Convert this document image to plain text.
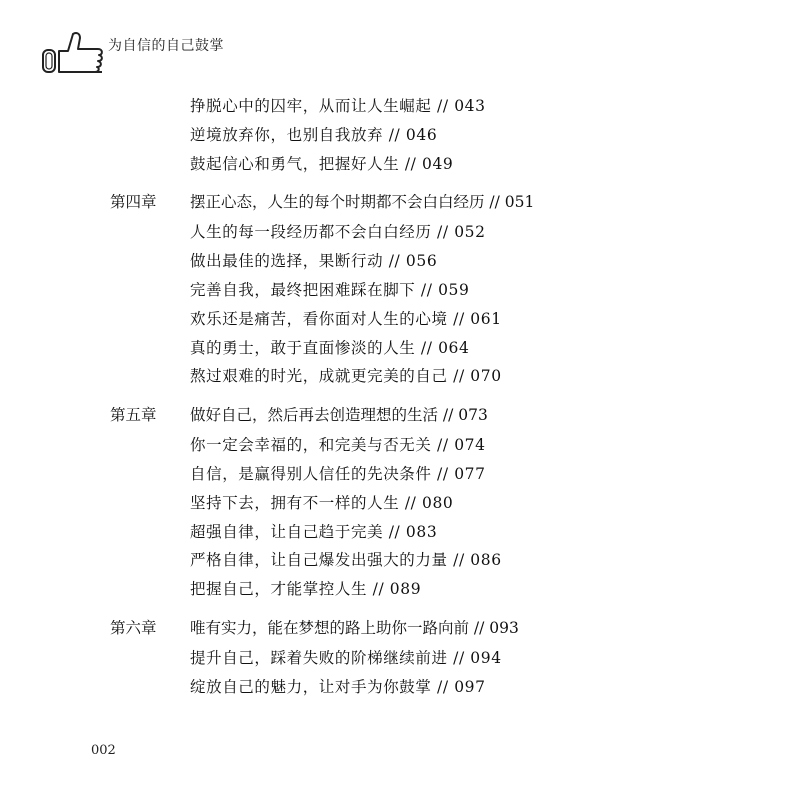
为自信的自己鼓掌
挣脱心中的囚牢，从而让人生崛起 // 043
逆境放弃你，也别自我放弃 // 046
鼓起信心和勇气，把握好人生 // 049
第四章 摆正心态，人生的每个时期都不会白白经历 // 051
人生的每一段经历都不会白白经历 // 052
做出最佳的选择，果断行动 // 056
完善自我，最终把困难踩在脚下 // 059
欢乐还是痛苦，看你面对人生的心境 // 061
真的勇士，敢于直面惨淡的人生 // 064
熬过艰难的时光，成就更完美的自己 // 070
第五章 做好自己，然后再去创造理想的生活 // 073
你一定会幸福的，和完美与否无关 // 074
自信，是赢得别人信任的先决条件 // 077
坚持下去，拥有不一样的人生 // 080
超强自律，让自己趋于完美 // 083
严格自律，让自己爆发出强大的力量 // 086
把握自己，才能掌控人生 // 089
第六章 唯有实力，能在梦想的路上助你一路向前 // 093
提升自己，踩着失败的阶梯继续前进 // 094
绽放自己的魅力，让对手为你鼓掌 // 097
002
